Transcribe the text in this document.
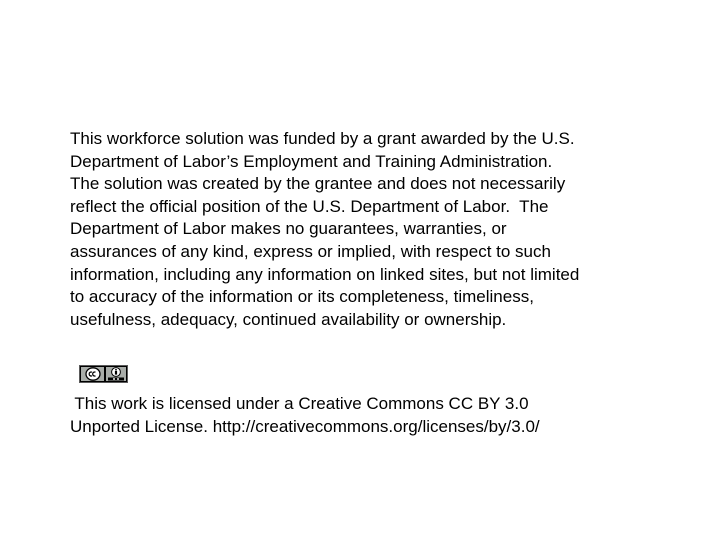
This workforce solution was funded by a grant awarded by the U.S.
Department of Labor’s Employment and Training Administration.
The solution was created by the grantee and does not necessarily
reflect the official position of the U.S. Department of Labor.  The
Department of Labor makes no guarantees, warranties, or
assurances of any kind, express or implied, with respect to such
information, including any information on linked sites, but not limited
to accuracy of the information or its completeness, timeliness,
usefulness, adequacy, continued availability or ownership.
This work is licensed under a Creative Commons CC BY 3.0
Unported License. http://creativecommons.org/licenses/by/3.0/
